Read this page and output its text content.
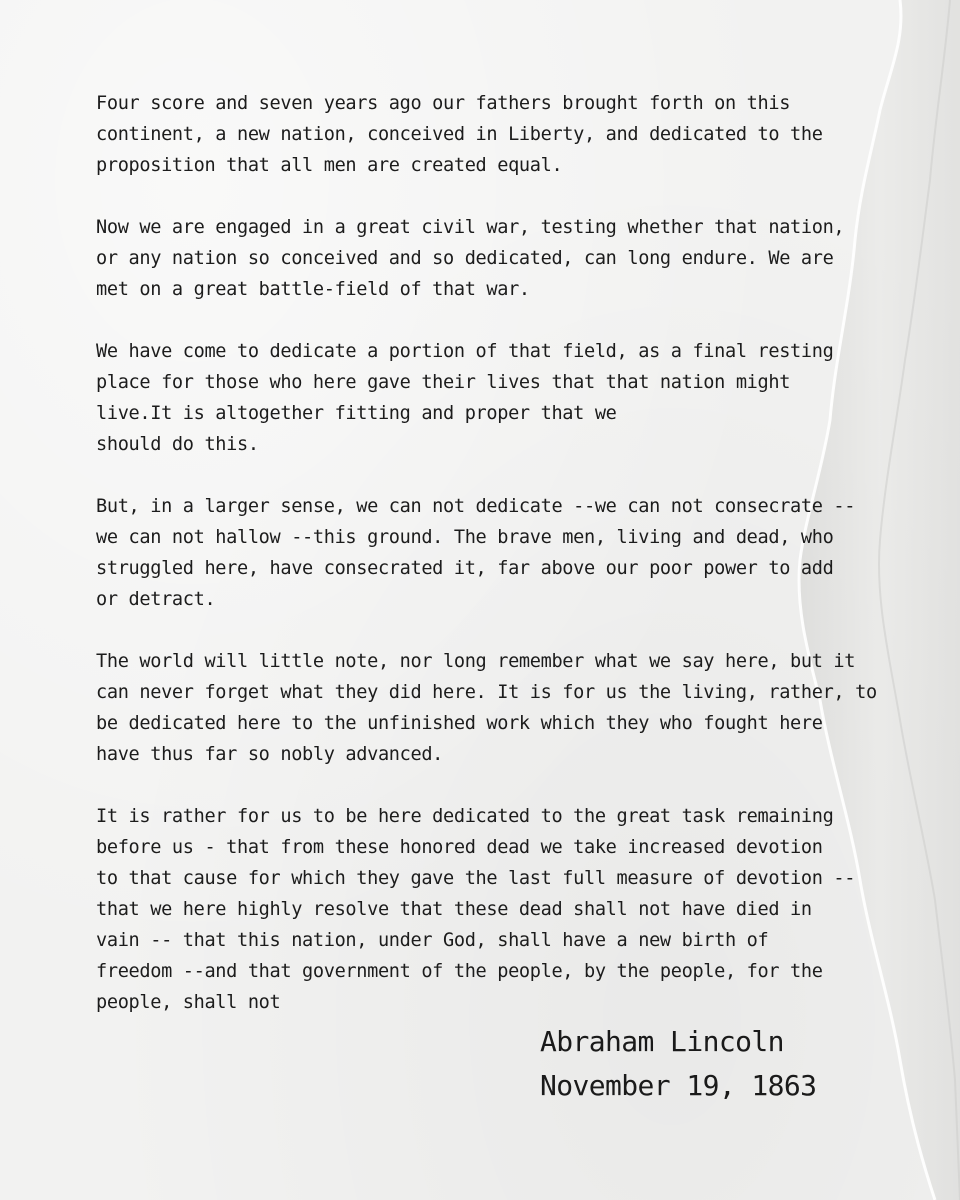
Four score and seven years ago our fathers brought forth on this
continent, a new nation, conceived in Liberty, and dedicated to the
proposition that all men are created equal.

Now we are engaged in a great civil war, testing whether that nation,
or any nation so conceived and so dedicated, can long endure. We are
met on a great battle-field of that war.

We have come to dedicate a portion of that field, as a final resting
place for those who here gave their lives that that nation might
live.It is altogether fitting and proper that we
should do this.

But, in a larger sense, we can not dedicate --we can not consecrate --
we can not hallow --this ground. The brave men, living and dead, who
struggled here, have consecrated it, far above our poor power to add
or detract.

The world will little note, nor long remember what we say here, but it
can never forget what they did here. It is for us the living, rather, to
be dedicated here to the unfinished work which they who fought here
have thus far so nobly advanced.

It is rather for us to be here dedicated to the great task remaining
before us - that from these honored dead we take increased devotion
to that cause for which they gave the last full measure of devotion --
that we here highly resolve that these dead shall not have died in
vain -- that this nation, under God, shall have a new birth of
freedom --and that government of the people, by the people, for the
people, shall not

Abraham Lincoln
November 19, 1863
